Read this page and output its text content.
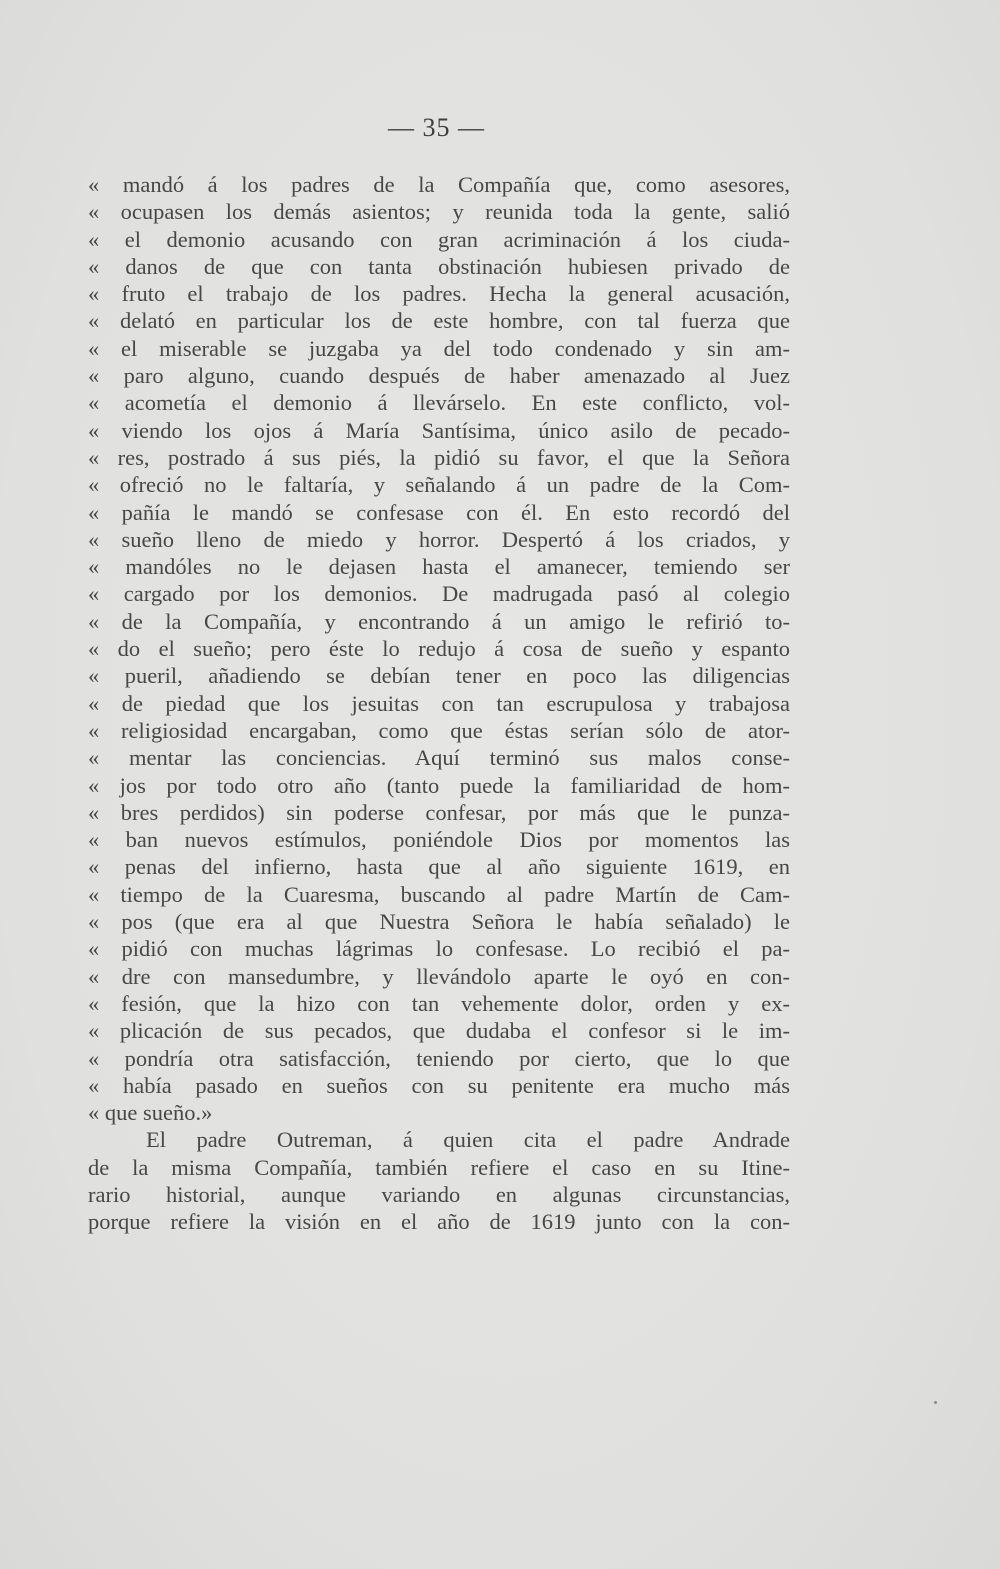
— 35 —
« mandó á los padres de la Compañía que, como asesores,
« ocupasen los demás asientos; y reunida toda la gente, salió
« el demonio acusando con gran acriminación á los ciuda-
« danos de que con tanta obstinación hubiesen privado de
« fruto el trabajo de los padres. Hecha la general acusación,
« delató en particular los de este hombre, con tal fuerza que
« el miserable se juzgaba ya del todo condenado y sin am-
« paro alguno, cuando después de haber amenazado al Juez
« acometía el demonio á llevárselo. En este conflicto, vol-
« viendo los ojos á María Santísima, único asilo de pecado-
« res, postrado á sus piés, la pidió su favor, el que la Señora
« ofreció no le faltaría, y señalando á un padre de la Com-
« pañía le mandó se confesase con él. En esto recordó del
« sueño lleno de miedo y horror. Despertó á los criados, y
« mandóles no le dejasen hasta el amanecer, temiendo ser
« cargado por los demonios. De madrugada pasó al colegio
« de la Compañía, y encontrando á un amigo le refirió to-
« do el sueño; pero éste lo redujo á cosa de sueño y espanto
« pueril, añadiendo se debían tener en poco las diligencias
« de piedad que los jesuitas con tan escrupulosa y trabajosa
« religiosidad encargaban, como que éstas serían sólo de ator-
« mentar las conciencias. Aquí terminó sus malos conse-
« jos por todo otro año (tanto puede la familiaridad de hom-
« bres perdidos) sin poderse confesar, por más que le punza-
« ban nuevos estímulos, poniéndole Dios por momentos las
« penas del infierno, hasta que al año siguiente 1619, en
« tiempo de la Cuaresma, buscando al padre Martín de Cam-
« pos (que era al que Nuestra Señora le había señalado) le
« pidió con muchas lágrimas lo confesase. Lo recibió el pa-
« dre con mansedumbre, y llevándolo aparte le oyó en con-
« fesión, que la hizo con tan vehemente dolor, orden y ex-
« plicación de sus pecados, que dudaba el confesor si le im-
« pondría otra satisfacción, teniendo por cierto, que lo que
« había pasado en sueños con su penitente era mucho más
« que sueño.»
El padre Outreman, á quien cita el padre Andrade
de la misma Compañía, también refiere el caso en su Itine-
rario historial, aunque variando en algunas circunstancias,
porque refiere la visión en el año de 1619 junto con la con-
